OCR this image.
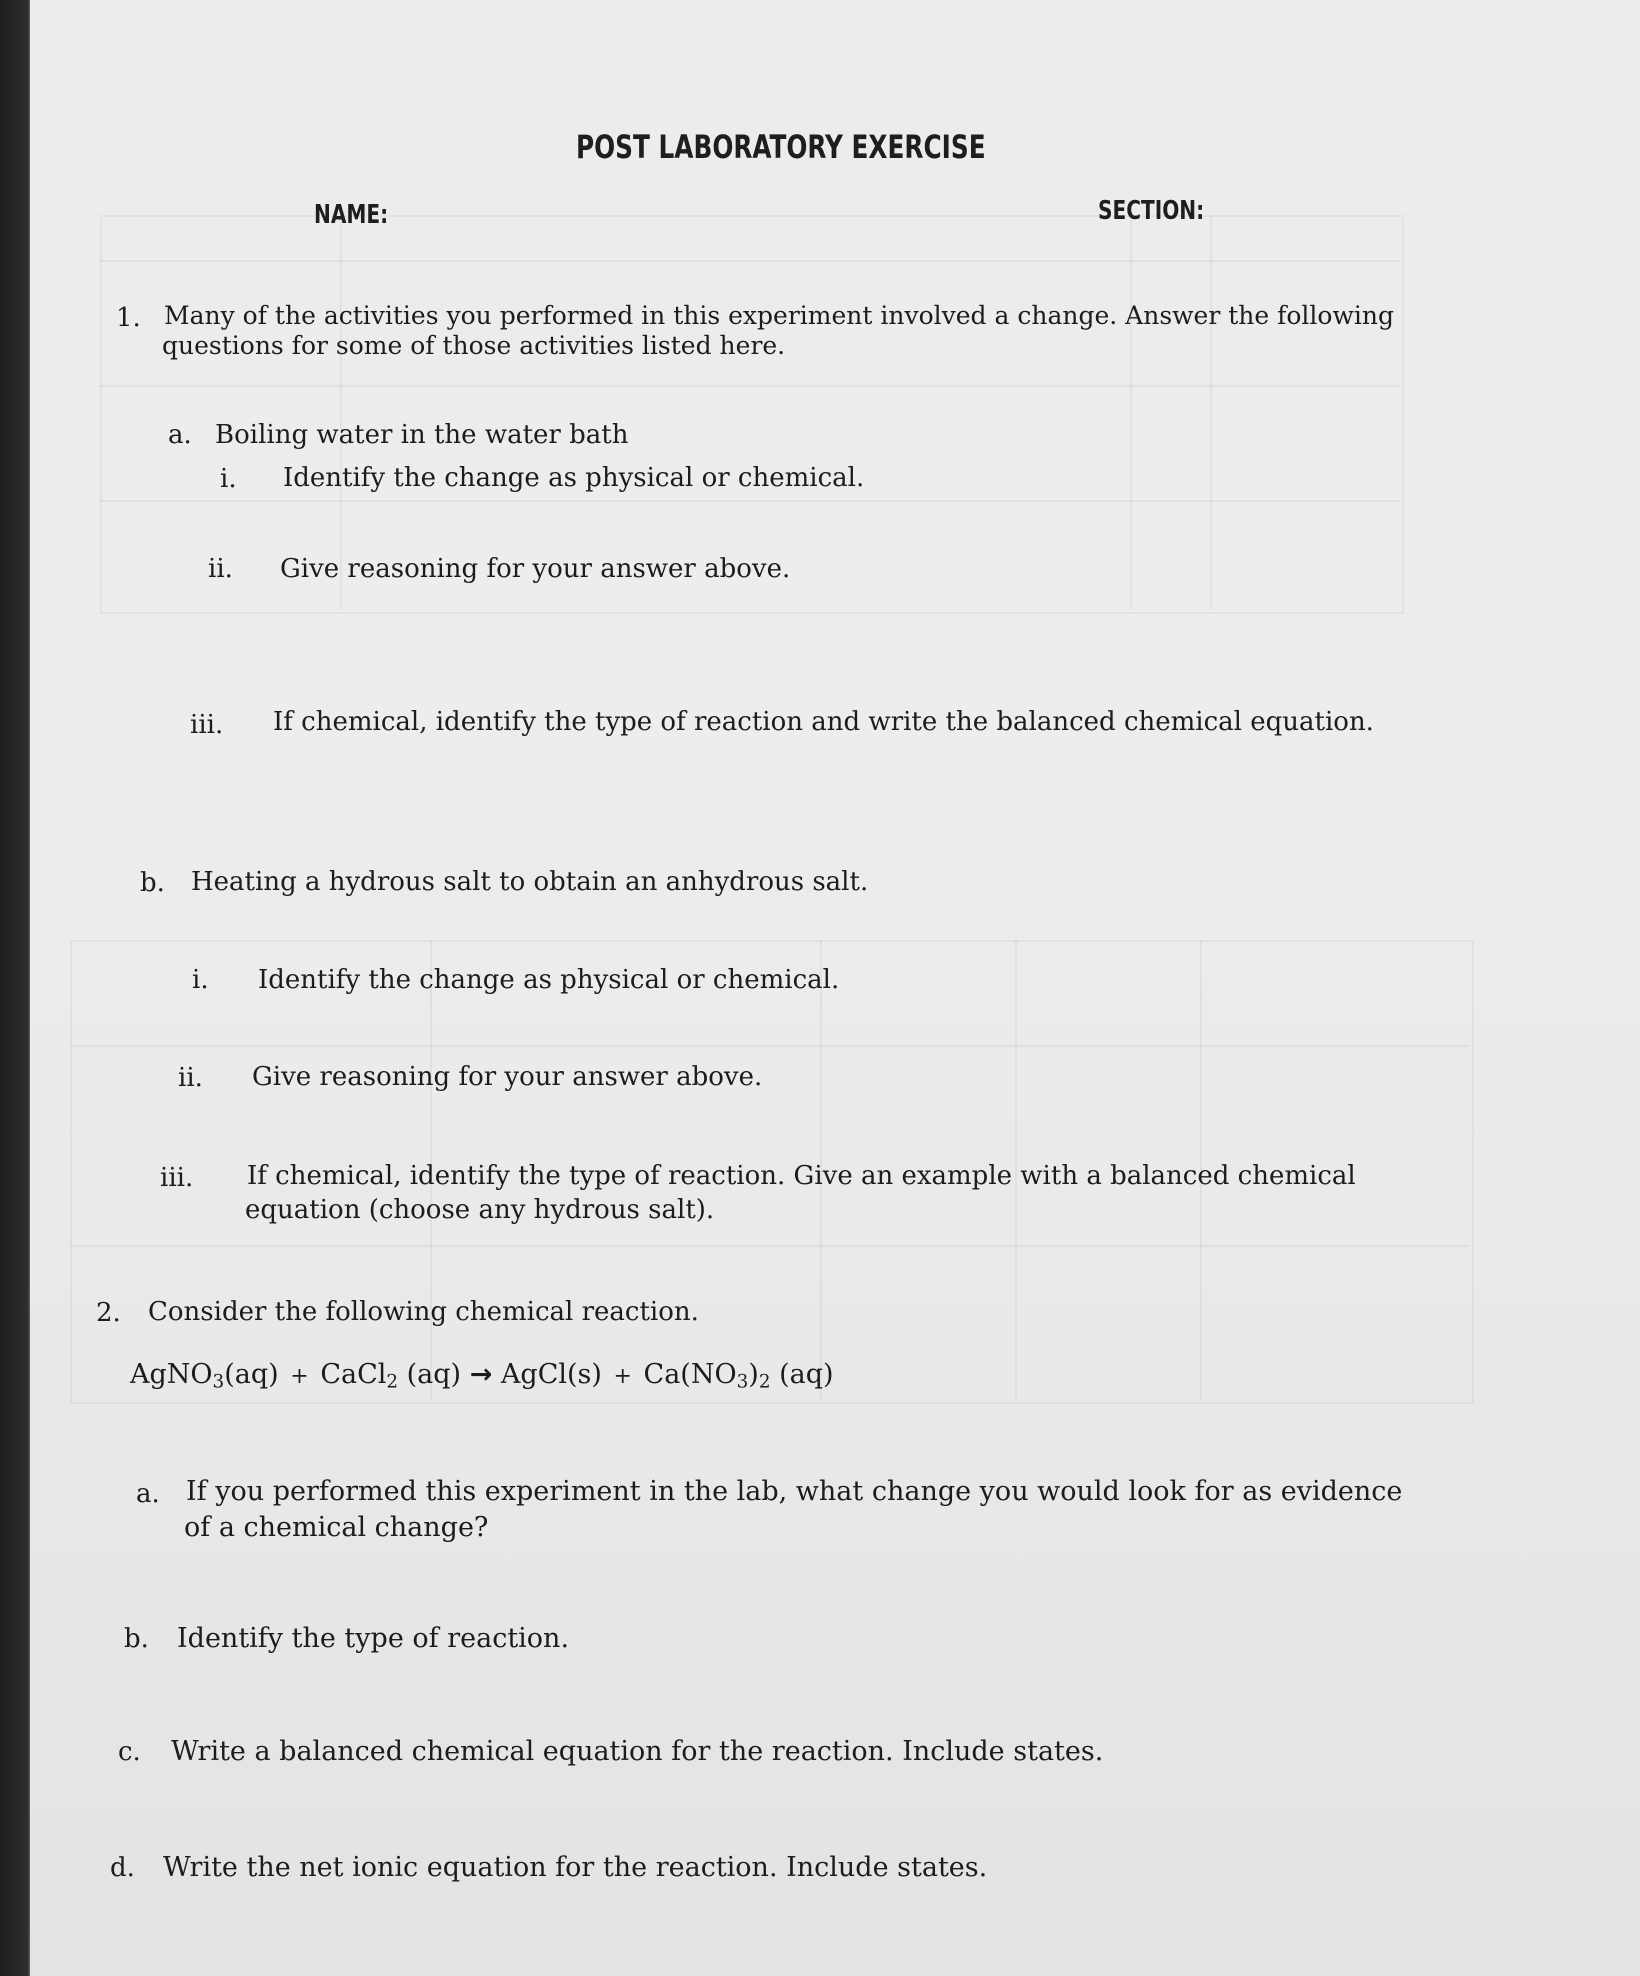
POST LABORATORY EXERCISE
NAME:	SECTION:
1. Many of the activities you performed in this experiment involved a change. Answer the following
questions for some of those activities listed here.
a. Boiling water in the water bath
i. Identify the change as physical or chemical.
ii. Give reasoning for your answer above.
iii. If chemical, identify the type of reaction and write the balanced chemical equation.
b. Heating a hydrous salt to obtain an anhydrous salt.
i. Identify the change as physical or chemical.
ii. Give reasoning for your answer above.
iii. If chemical, identify the type of reaction. Give an example with a balanced chemical
equation (choose any hydrous salt).
2. Consider the following chemical reaction.
AgNO$_3$(aq) + CaCl$_2$ (aq) → AgCl(s) + $Ca(NO_3)_2$ (aq)
a. If you performed this experiment in the lab, what change you would look for as evidence
of a chemical change?
b. Identify the type of reaction.
c. Write a balanced chemical equation for the reaction. Include states.
d. Write the net ionic equation for the reaction. Include states.
